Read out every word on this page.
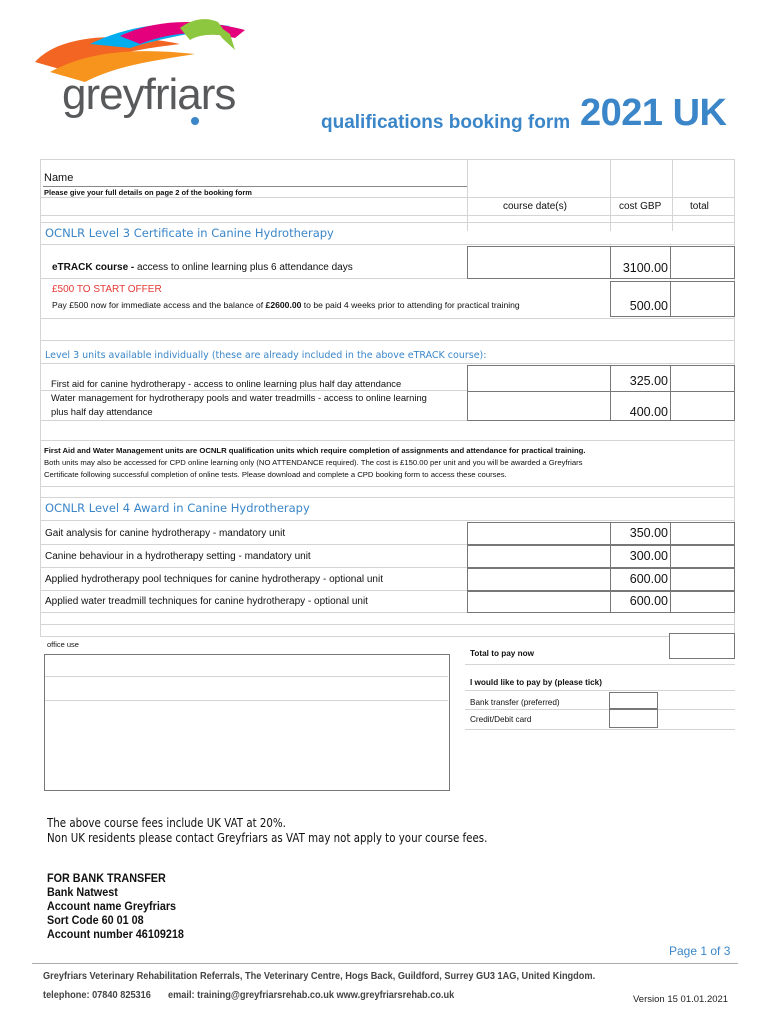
greyfriars
qualifications booking form 2021 UK
Name
Please give your full details on page 2 of the booking form
course date(s)	cost GBP	total
OCNLR Level 3 Certificate in Canine Hydrotherapy
eTRACK course - access to online learning plus 6 attendance days	3100.00
£500 TO START OFFER
Pay £500 now for immediate access and the balance of £2600.00 to be paid 4 weeks prior to attending for practical training	500.00
Level 3 units available individually (these are already included in the above eTRACK course):
First aid for canine hydrotherapy - access to online learning plus half day attendance	325.00
Water management for hydrotherapy pools and water treadmills - access to online learning
plus half day attendance	400.00
First Aid and Water Management units are OCNLR qualification units which require completion of assignments and attendance for practical training.
Both units may also be accessed for CPD online learning only (NO ATTENDANCE required). The cost is £150.00 per unit and you will be awarded a Greyfriars
Certificate following successful completion of online tests. Please download and complete a CPD booking form to access these courses.
OCNLR Level 4 Award in Canine Hydrotherapy
Gait analysis for canine hydrotherapy - mandatory unit	350.00
Canine behaviour in a hydrotherapy setting - mandatory unit	300.00
Applied hydrotherapy pool techniques for canine hydrotherapy - optional unit	600.00
Applied water treadmill techniques for canine hydrotherapy - optional unit	600.00
office use
Total to pay now
I would like to pay by (please tick)
Bank transfer (preferred)
Credit/Debit card
The above course fees include UK VAT at 20%.
Non UK residents please contact Greyfriars as VAT may not apply to your course fees.
FOR BANK TRANSFER
Bank Natwest
Account name Greyfriars
Sort Code 60 01 08
Account number 46109218
Page 1 of 3
Greyfriars Veterinary Rehabilitation Referrals, The Veterinary Centre, Hogs Back, Guildford, Surrey GU3 1AG, United Kingdom.
telephone: 07840 825316 email: training@greyfriarsrehab.co.uk www.greyfriarsrehab.co.uk	Version 15 01.01.2021
